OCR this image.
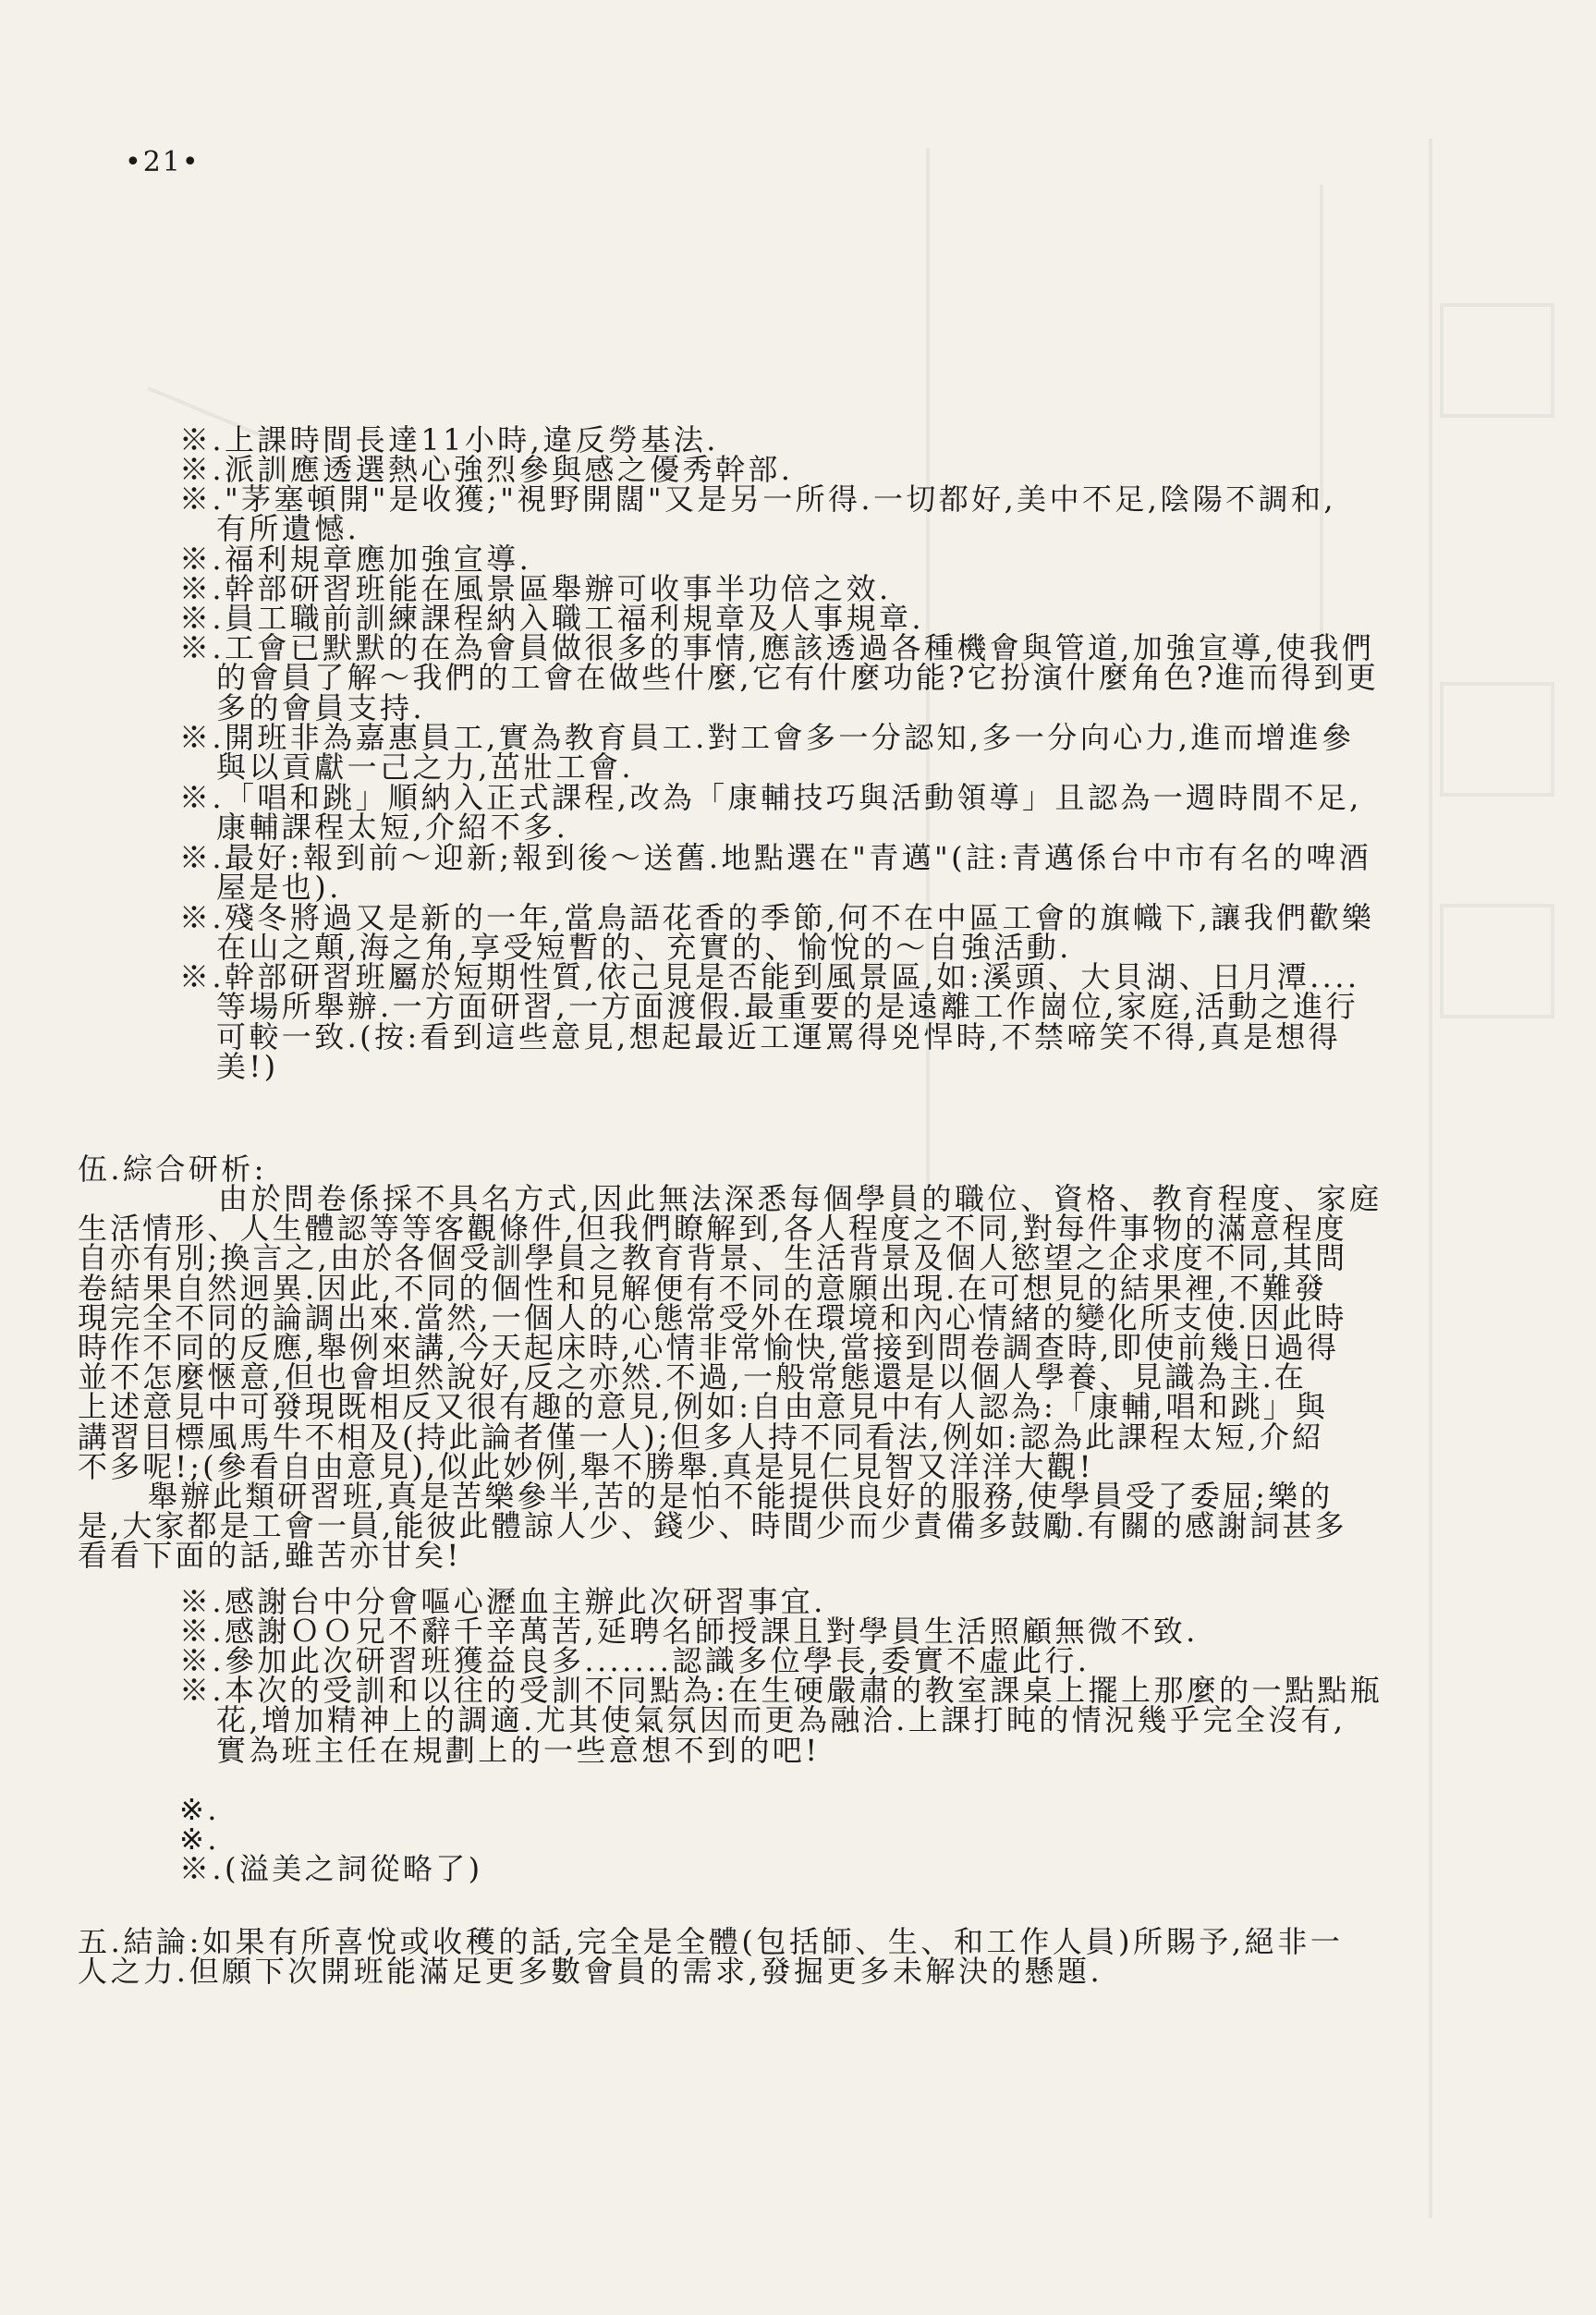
•21•
※.上課時間長達11小時,違反勞基法.
※.派訓應透選熱心強烈參與感之優秀幹部.
※."茅塞頓開"是收獲;"視野開闊"又是另一所得.一切都好,美中不足,陰陽不調和,
有所遺憾.
※.福利規章應加強宣導.
※.幹部研習班能在風景區舉辦可收事半功倍之效.
※.員工職前訓練課程納入職工福利規章及人事規章.
※.工會已默默的在為會員做很多的事情,應該透過各種機會與管道,加強宣導,使我們
的會員了解～我們的工會在做些什麼,它有什麼功能?它扮演什麼角色?進而得到更
多的會員支持.
※.開班非為嘉惠員工,實為教育員工.對工會多一分認知,多一分向心力,進而增進參
與以貢獻一己之力,茁壯工會.
※.「唱和跳」順納入正式課程,改為「康輔技巧與活動領導」且認為一週時間不足,
康輔課程太短,介紹不多.
※.最好:報到前～迎新;報到後～送舊.地點選在"青邁"(註:青邁係台中市有名的啤酒
屋是也).
※.殘冬將過又是新的一年,當鳥語花香的季節,何不在中區工會的旗幟下,讓我們歡樂
在山之顛,海之角,享受短暫的、充實的、愉悅的～自強活動.
※.幹部研習班屬於短期性質,依己見是否能到風景區,如:溪頭、大貝湖、日月潭....
等場所舉辦.一方面研習,一方面渡假.最重要的是遠離工作崗位,家庭,活動之進行
可較一致.(按:看到這些意見,想起最近工運罵得兇悍時,不禁啼笑不得,真是想得
美!)
伍.綜合研析:
由於問卷係採不具名方式,因此無法深悉每個學員的職位、資格、教育程度、家庭
生活情形、人生體認等等客觀條件,但我們瞭解到,各人程度之不同,對每件事物的滿意程度
自亦有別;換言之,由於各個受訓學員之教育背景、生活背景及個人慾望之企求度不同,其問
卷結果自然迥異.因此,不同的個性和見解便有不同的意願出現.在可想見的結果裡,不難發
現完全不同的論調出來.當然,一個人的心態常受外在環境和內心情緒的變化所支使.因此時
時作不同的反應,舉例來講,今天起床時,心情非常愉快,當接到問卷調查時,即使前幾日過得
並不怎麼愜意,但也會坦然說好,反之亦然.不過,一般常態還是以個人學養、見識為主.在
上述意見中可發現既相反又很有趣的意見,例如:自由意見中有人認為:「康輔,唱和跳」與
講習目標風馬牛不相及(持此論者僅一人);但多人持不同看法,例如:認為此課程太短,介紹
不多呢!;(參看自由意見),似此妙例,舉不勝舉.真是見仁見智又洋洋大觀!
舉辦此類研習班,真是苦樂參半,苦的是怕不能提供良好的服務,使學員受了委屈;樂的
是,大家都是工會一員,能彼此體諒人少、錢少、時間少而少責備多鼓勵.有關的感謝詞甚多
看看下面的話,雖苦亦甘矣!
※.感謝台中分會嘔心瀝血主辦此次研習事宜.
※.感謝ＯＯ兄不辭千辛萬苦,延聘名師授課且對學員生活照顧無微不致.
※.參加此次研習班獲益良多.......認識多位學長,委實不虛此行.
※.本次的受訓和以往的受訓不同點為:在生硬嚴肅的教室課桌上擺上那麼的一點點瓶
花,增加精神上的調適.尤其使氣氛因而更為融洽.上課打盹的情況幾乎完全沒有,
實為班主任在規劃上的一些意想不到的吧!
※.
※.
※.(溢美之詞從略了)
五.結論:如果有所喜悅或收穫的話,完全是全體(包括師、生、和工作人員)所賜予,絕非一
人之力.但願下次開班能滿足更多數會員的需求,發掘更多未解決的懸題.
